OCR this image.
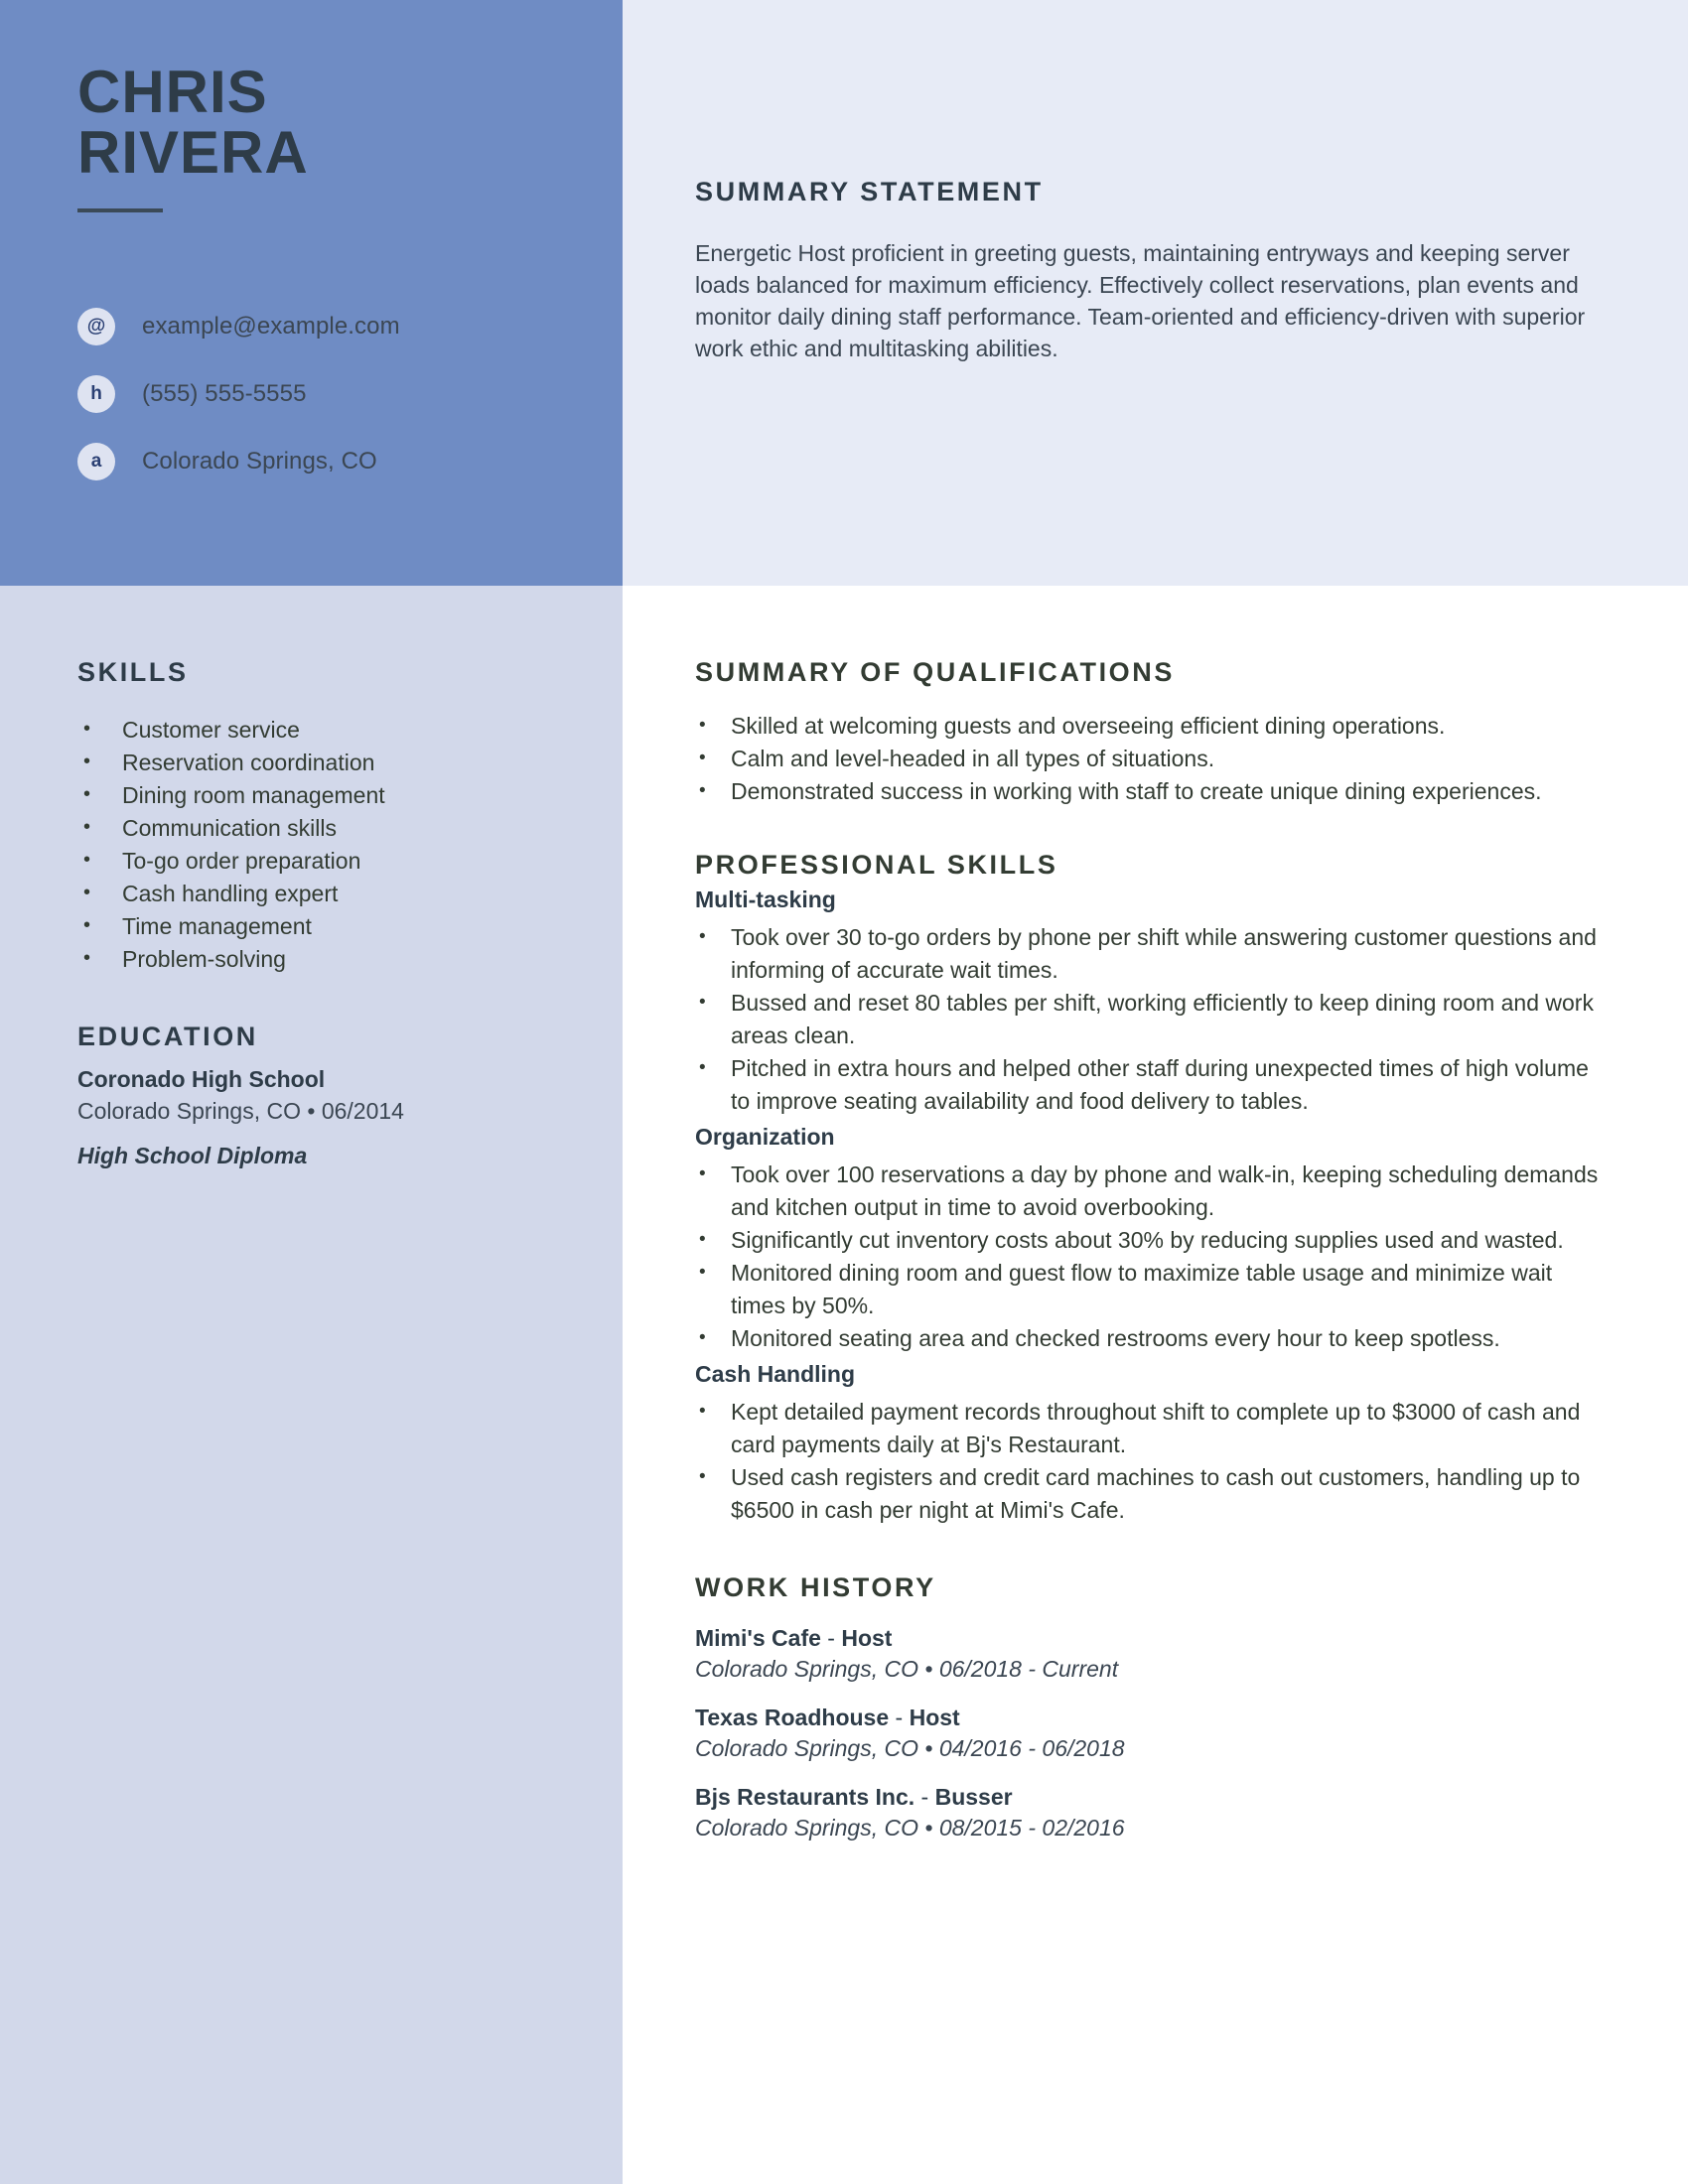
CHRIS
RIVERA
@	example@example.com
h	(555) 555-5555
a	Colorado Springs, CO
SUMMARY STATEMENT
Energetic Host proficient in greeting guests, maintaining entryways and keeping server loads balanced for maximum efficiency. Effectively collect reservations, plan events and monitor daily dining staff performance. Team-oriented and efficiency-driven with superior work ethic and multitasking abilities.
SKILLS
• Customer service
• Reservation coordination
• Dining room management
• Communication skills
• To-go order preparation
• Cash handling expert
• Time management
• Problem-solving
EDUCATION
Coronado High School
Colorado Springs, CO • 06/2014
High School Diploma
SUMMARY OF QUALIFICATIONS
• Skilled at welcoming guests and overseeing efficient dining operations.
• Calm and level-headed in all types of situations.
• Demonstrated success in working with staff to create unique dining experiences.
PROFESSIONAL SKILLS
Multi-tasking
• Took over 30 to-go orders by phone per shift while answering customer questions and informing of accurate wait times.
• Bussed and reset 80 tables per shift, working efficiently to keep dining room and work areas clean.
• Pitched in extra hours and helped other staff during unexpected times of high volume to improve seating availability and food delivery to tables.
Organization
• Took over 100 reservations a day by phone and walk-in, keeping scheduling demands and kitchen output in time to avoid overbooking.
• Significantly cut inventory costs about 30% by reducing supplies used and wasted.
• Monitored dining room and guest flow to maximize table usage and minimize wait times by 50%.
• Monitored seating area and checked restrooms every hour to keep spotless.
Cash Handling
• Kept detailed payment records throughout shift to complete up to $3000 of cash and card payments daily at Bj's Restaurant.
• Used cash registers and credit card machines to cash out customers, handling up to $6500 in cash per night at Mimi's Cafe.
WORK HISTORY
Mimi's Cafe - Host
Colorado Springs, CO • 06/2018 - Current
Texas Roadhouse - Host
Colorado Springs, CO • 04/2016 - 06/2018
Bjs Restaurants Inc. - Busser
Colorado Springs, CO • 08/2015 - 02/2016
